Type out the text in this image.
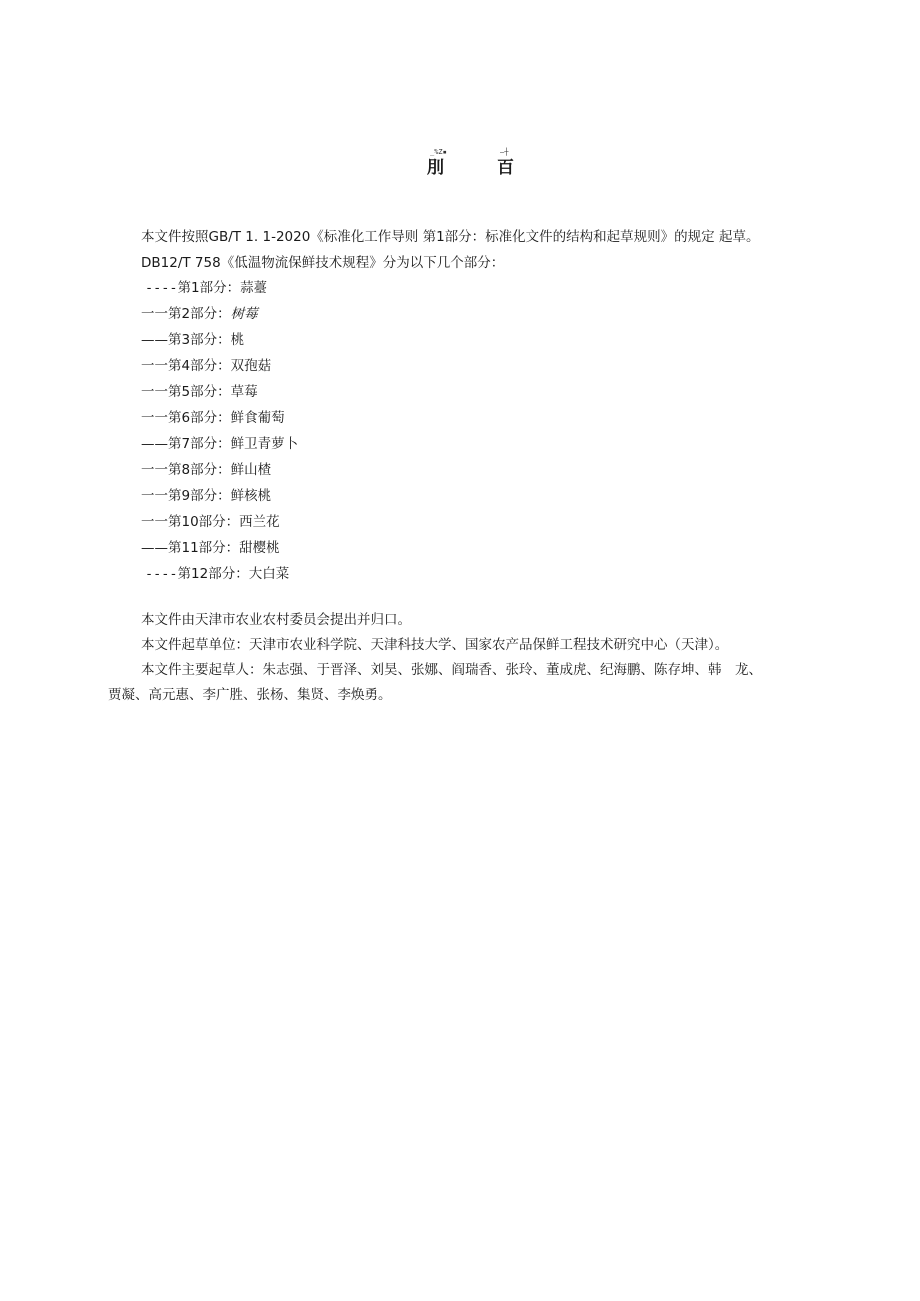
_%Z▪	—┼
刖	百
本文件按照GB/T 1. 1-2020《标准化工作导则 第1部分：标准化文件的结构和起草规则》的规定 起草。
DB12/T 758《低温物流保鲜技术规程》分为以下几个部分：
----第1部分：蒜薹
一一第2部分：树莓
——第3部分：桃
一一第4部分：双孢菇
一一第5部分：草莓
一一第6部分：鲜食葡萄
——第7部分：鲜卫青萝卜
一一第8部分：鲜山楂
一一第9部分：鲜核桃
一一第10部分：西兰花
——第11部分：甜樱桃
----第12部分：大白菜
本文件由天津市农业农村委员会提出并归口。
本文件起草单位：天津市农业科学院、天津科技大学、国家农产品保鲜工程技术研究中心（天津）。
本文件主要起草人：朱志强、于晋泽、刘昊、张娜、阎瑞香、张玲、董成虎、纪海鹏、陈存坤、韩　龙、
贾凝、高元惠、李广胜、张杨、集贤、李焕勇。
